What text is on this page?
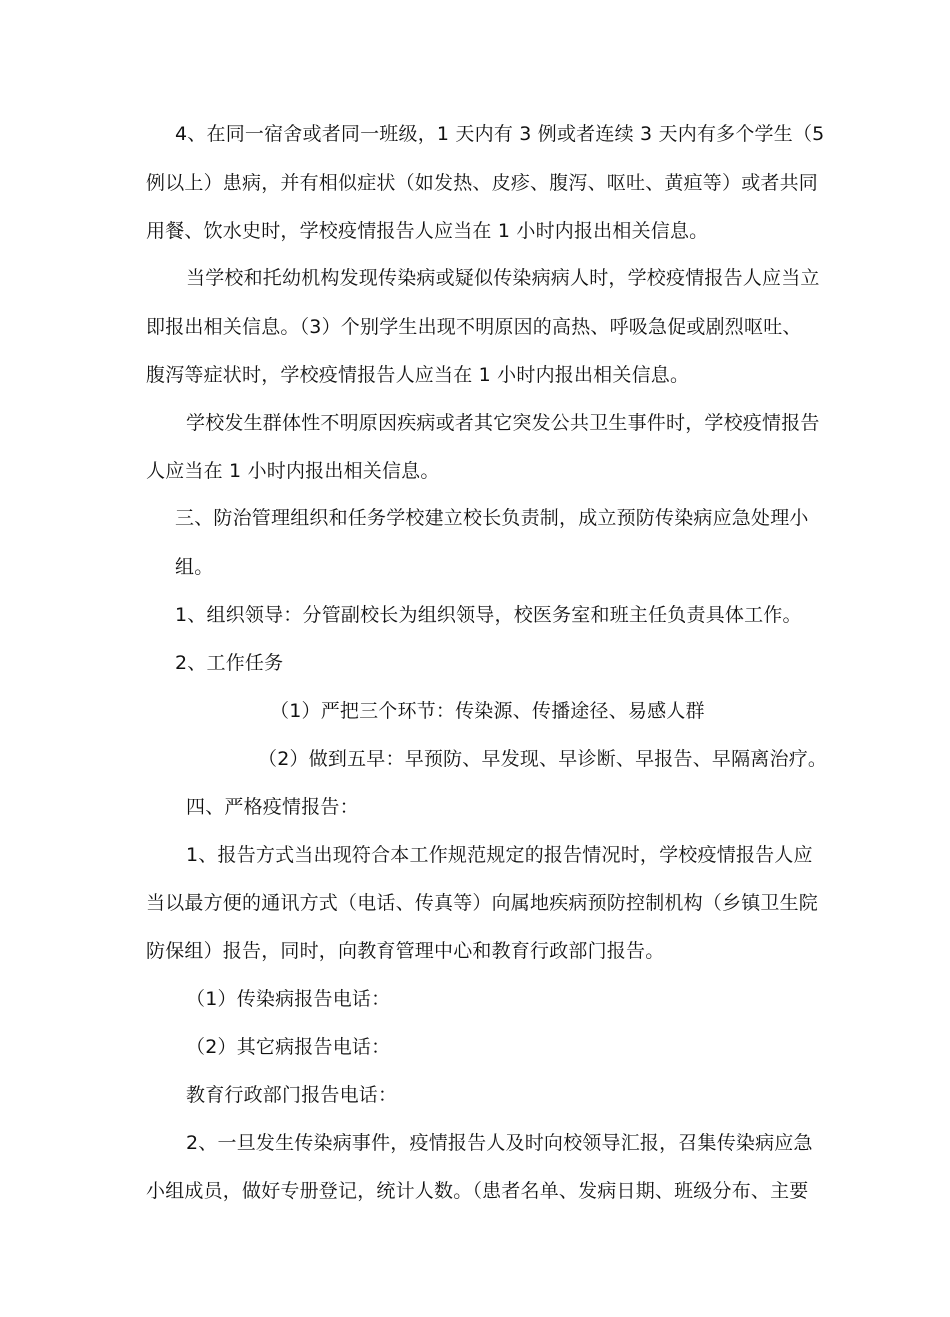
4、在同一宿舍或者同一班级，1 天内有 3 例或者连续 3 天内有多个学生（5

例以上）患病，并有相似症状（如发热、皮疹、腹泻、呕吐、黄疸等）或者共同

用餐、饮水史时，学校疫情报告人应当在 1 小时内报出相关信息。

当学校和托幼机构发现传染病或疑似传染病病人时，学校疫情报告人应当立

即报出相关信息。（3）个别学生出现不明原因的高热、呼吸急促或剧烈呕吐、

腹泻等症状时，学校疫情报告人应当在 1 小时内报出相关信息。

学校发生群体性不明原因疾病或者其它突发公共卫生事件时，学校疫情报告

人应当在 1 小时内报出相关信息。

三、防治管理组织和任务学校建立校长负责制，成立预防传染病应急处理小

组。

1、组织领导：分管副校长为组织领导，校医务室和班主任负责具体工作。

2、工作任务

（1）严把三个环节：传染源、传播途径、易感人群

（2）做到五早：早预防、早发现、早诊断、早报告、早隔离治疗。

四、严格疫情报告：

1、报告方式当出现符合本工作规范规定的报告情况时，学校疫情报告人应

当以最方便的通讯方式（电话、传真等）向属地疾病预防控制机构（乡镇卫生院

防保组）报告，同时，向教育管理中心和教育行政部门报告。

（1）传染病报告电话：

（2）其它病报告电话：

教育行政部门报告电话：

2、一旦发生传染病事件，疫情报告人及时向校领导汇报，召集传染病应急

小组成员，做好专册登记，统计人数。（患者名单、发病日期、班级分布、主要
